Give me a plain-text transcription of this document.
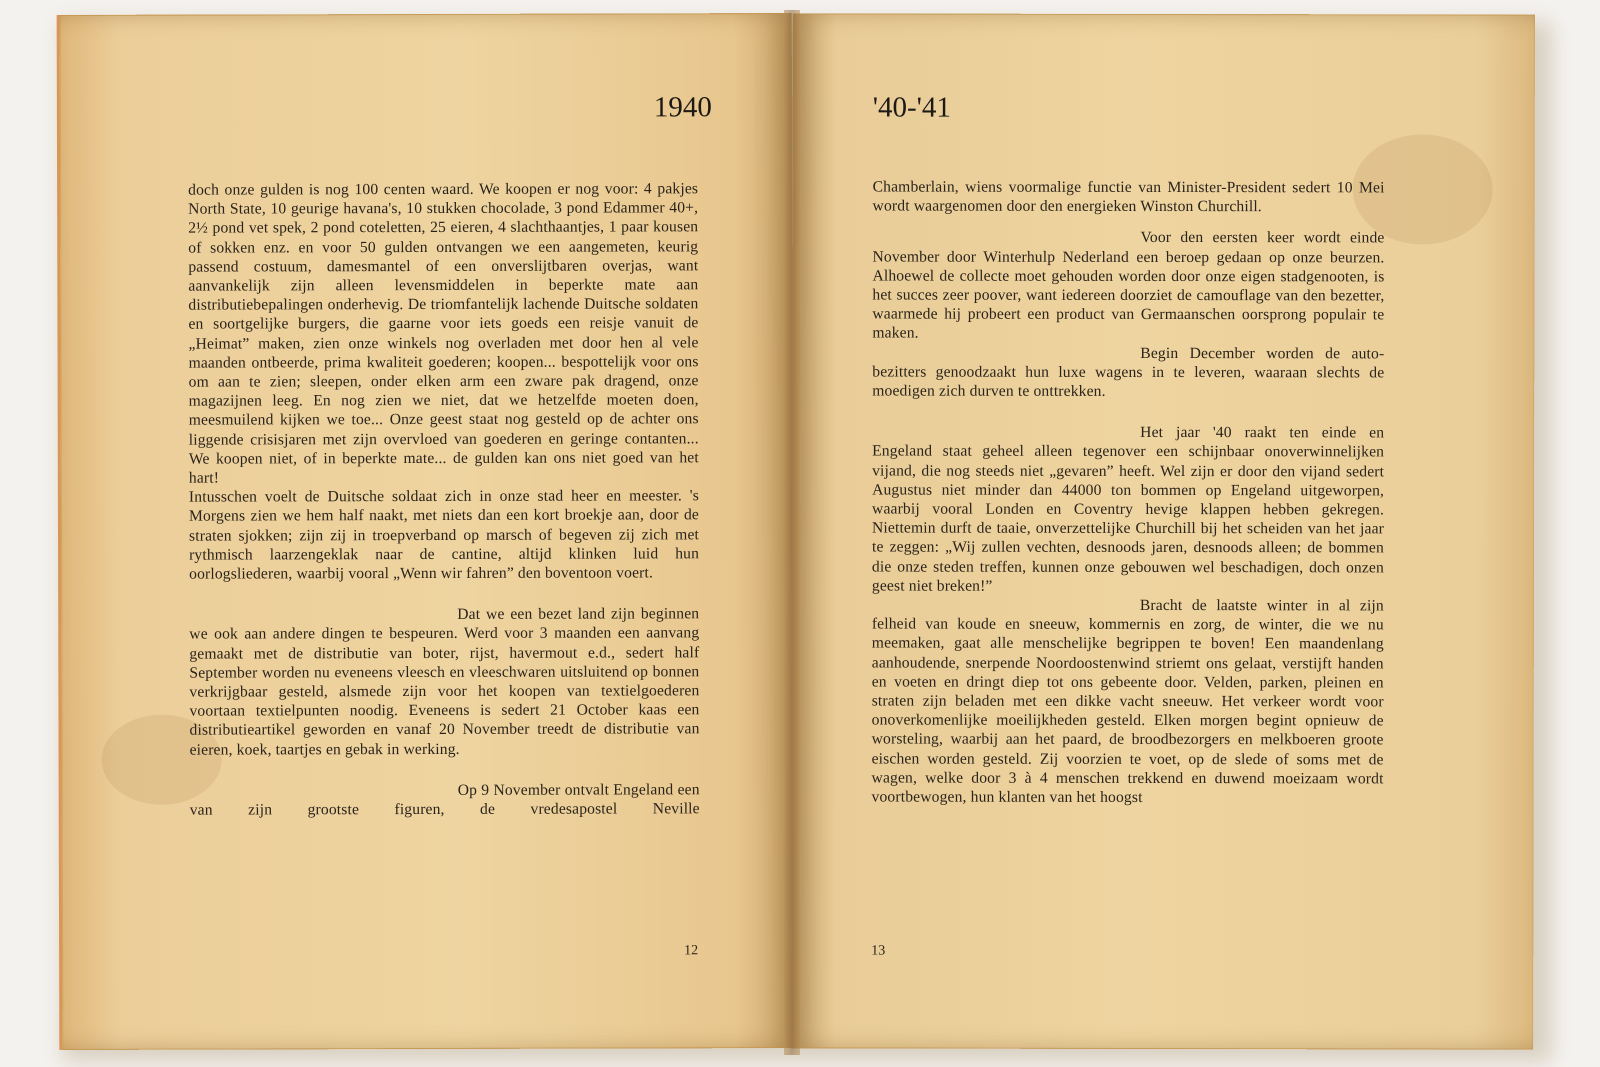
1940

doch onze gulden is nog 100 centen waard. We koopen er nog voor: 4 pakjes North State, 10 geurige havana's, 10 stukken chocolade, 3 pond Edammer 40+, 2½ pond vet spek, 2 pond coteletten, 25 eieren, 4 slachthaantjes, 1 paar kousen of sokken enz. en voor 50 gulden ontvangen we een aangemeten, keurig passend costuum, damesmantel of een onverslijtbaren overjas, want aanvankelijk zijn alleen levensmiddelen in beperkte mate aan distributiebepalingen onderhevig. De triomfantelijk lachende Duitsche soldaten en soortgelijke burgers, die gaarne voor iets goeds een reisje vanuit de „Heimat” maken, zien onze winkels nog overladen met door hen al vele maanden ontbeerde, prima kwaliteit goederen; koopen... bespottelijk voor ons om aan te zien; sleepen, onder elken arm een zware pak dragend, onze magazijnen leeg. En nog zien we niet, dat we hetzelfde moeten doen, meesmuilend kijken we toe... Onze geest staat nog gesteld op de achter ons liggende crisisjaren met zijn overvloed van goederen en geringe contanten... We koopen niet, of in beperkte mate... de gulden kan ons niet goed van het hart!

Intusschen voelt de Duitsche soldaat zich in onze stad heer en meester. 's Morgens zien we hem half naakt, met niets dan een kort broekje aan, door de straten sjokken; zijn zij in troepverband op marsch of begeven zij zich met rythmisch laarzengeklak naar de cantine, altijd klinken luid hun oorlogsliederen, waarbij vooral „Wenn wir fahren” den boventoon voert.

Dat we een bezet land zijn beginnen we ook aan andere dingen te bespeuren. Werd voor 3 maanden een aanvang gemaakt met de distributie van boter, rijst, havermout e.d., sedert half September worden nu eveneens vleesch en vleeschwaren uitsluitend op bonnen verkrijgbaar gesteld, alsmede zijn voor het koopen van textielgoederen voortaan textielpunten noodig. Eveneens is sedert 21 October kaas een distributieartikel geworden en vanaf 20 November treedt de distributie van eieren, koek, taartjes en gebak in werking.

Op 9 November ontvalt Engeland een van zijn grootste figuren, de vredesapostel Neville

12
'40-'41

Chamberlain, wiens voormalige functie van Minister-President sedert 10 Mei wordt waargenomen door den energieken Winston Churchill.

Voor den eersten keer wordt einde November door Winterhulp Nederland een beroep gedaan op onze beurzen. Alhoewel de collecte moet gehouden worden door onze eigen stadgenooten, is het succes zeer poover, want iedereen doorziet de camouflage van den bezetter, waarmede hij probeert een product van Germaanschen oorsprong populair te maken.

Begin December worden de auto-bezitters genoodzaakt hun luxe wagens in te leveren, waaraan slechts de moedigen zich durven te onttrekken.

Het jaar '40 raakt ten einde en Engeland staat geheel alleen tegenover een schijnbaar onoverwinnelijken vijand, die nog steeds niet „gevaren” heeft. Wel zijn er door den vijand sedert Augustus niet minder dan 44000 ton bommen op Engeland uitgeworpen, waarbij vooral Londen en Coventry hevige klappen hebben gekregen. Niettemin durft de taaie, onverzettelijke Churchill bij het scheiden van het jaar te zeggen: „Wij zullen vechten, desnoods jaren, desnoods alleen; de bommen die onze steden treffen, kunnen onze gebouwen wel beschadigen, doch onzen geest niet breken!”

Bracht de laatste winter in al zijn felheid van koude en sneeuw, kommernis en zorg, de winter, die we nu meemaken, gaat alle menschelijke begrippen te boven! Een maandenlang aanhoudende, snerpende Noordoostenwind striemt ons gelaat, verstijft handen en voeten en dringt diep tot ons gebeente door. Velden, parken, pleinen en straten zijn beladen met een dikke vacht sneeuw. Het verkeer wordt voor onoverkomenlijke moeilijkheden gesteld. Elken morgen begint opnieuw de worsteling, waarbij aan het paard, de broodbezorgers en melkboeren groote eischen worden gesteld. Zij voorzien te voet, op de slede of soms met de wagen, welke door 3 à 4 menschen trekkend en duwend moeizaam wordt voortbewogen, hun klanten van het hoogst

13
